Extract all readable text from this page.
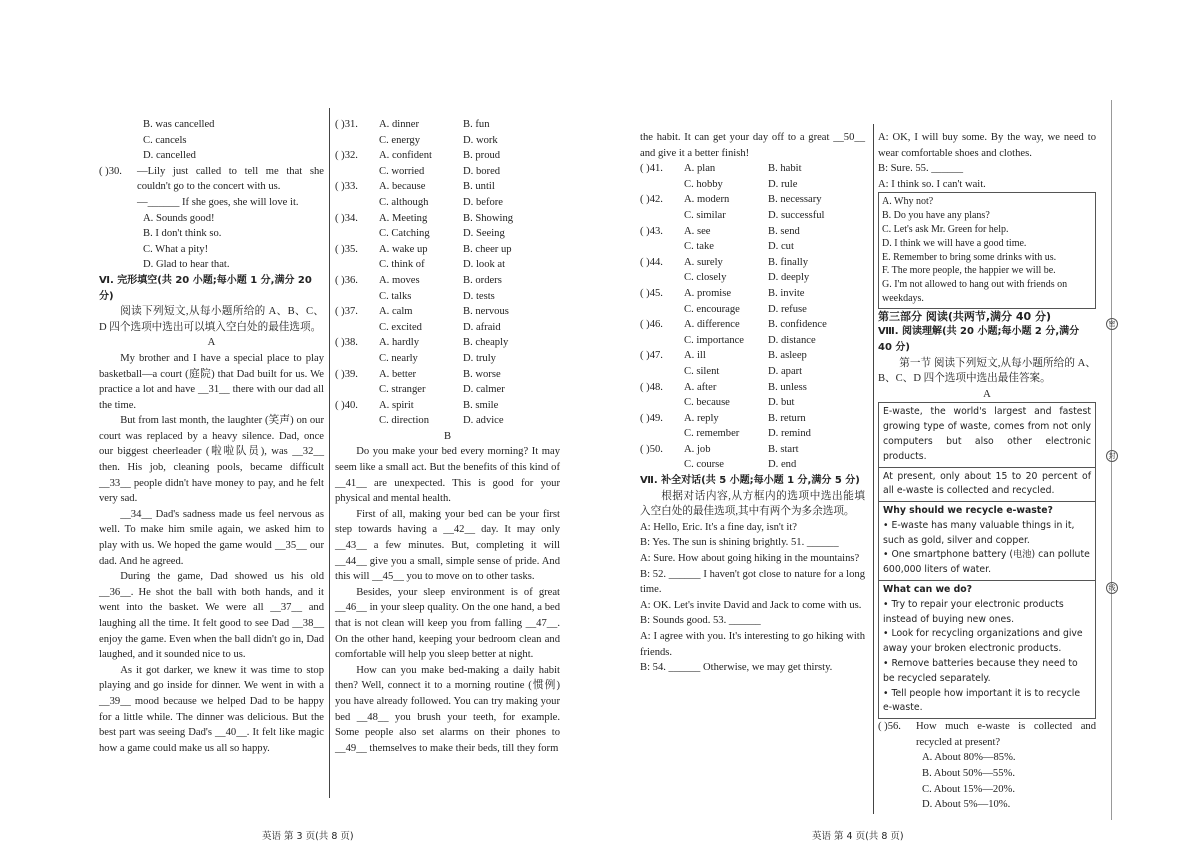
B. was cancelled
C. cancels
D. cancelled
( )30.	—Lily just called to tell me that she couldn't go to the concert with us.
—______ If she goes, she will love it.
A. Sounds good!
B. I don't think so.
C. What a pity!
D. Glad to hear that.
Ⅵ. 完形填空(共 20 小题;每小题 1 分,满分 20 分)
阅读下列短文,从每小题所给的 A、B、C、D 四个选项中选出可以填入空白处的最佳选项。
A
My brother and I have a special place to play basketball—a court (庭院) that Dad built for us. We practice a lot and have __31__ there with our dad all the time.
But from last month, the laughter (笑声) on our court was replaced by a heavy silence. Dad, once our biggest cheerleader (啦啦队员), was __32__ then. His job, cleaning pools, became difficult __33__ people didn't have money to pay, and he felt very sad.
__34__ Dad's sadness made us feel nervous as well. To make him smile again, we asked him to play with us. We hoped the game would __35__ our dad. And he agreed.
During the game, Dad showed us his old __36__. He shot the ball with both hands, and it went into the basket. We were all __37__ and laughing all the time. It felt good to see Dad __38__ enjoy the game. Even when the ball didn't go in, Dad laughed, and it sounded nice to us.
As it got darker, we knew it was time to stop playing and go inside for dinner. We went in with a __39__ mood because we helped Dad to be happy for a little while. The dinner was delicious. But the best part was seeing Dad's __40__. It felt like magic how a game could make us all so happy.
( )31.	A. dinner	B. fun
C. energy	D. work
( )32.	A. confident	B. proud
C. worried	D. bored
( )33.	A. because	B. until
C. although	D. before
( )34.	A. Meeting	B. Showing
C. Catching	D. Seeing
( )35.	A. wake up	B. cheer up
C. think of	D. look at
( )36.	A. moves	B. orders
C. talks	D. tests
( )37.	A. calm	B. nervous
C. excited	D. afraid
( )38.	A. hardly	B. cheaply
C. nearly	D. truly
( )39.	A. better	B. worse
C. stranger	D. calmer
( )40.	A. spirit	B. smile
C. direction	D. advice
B
Do you make your bed every morning? It may seem like a small act. But the benefits of this kind of __41__ are unexpected. This is good for your physical and mental health.
First of all, making your bed can be your first step towards having a __42__ day. It may only __43__ a few minutes. But, completing it will __44__ give you a small, simple sense of pride. And this will __45__ you to move on to other tasks.
Besides, your sleep environment is of great __46__ in your sleep quality. On the one hand, a bed that is not clean will keep you from falling __47__. On the other hand, keeping your bedroom clean and comfortable will help you sleep better at night.
How can you make bed-making a daily habit then? Well, connect it to a morning routine (惯例) you have already followed. You can try making your bed __48__ you brush your teeth, for example. Some people also set alarms on their phones to __49__ themselves to make their beds, till they form
the habit. It can get your day off to a great __50__ and give it a better finish!
( )41.	A. plan	B. habit
C. hobby	D. rule
( )42.	A. modern	B. necessary
C. similar	D. successful
( )43.	A. see	B. send
C. take	D. cut
( )44.	A. surely	B. finally
C. closely	D. deeply
( )45.	A. promise	B. invite
C. encourage	D. refuse
( )46.	A. difference	B. confidence
C. importance	D. distance
( )47.	A. ill	B. asleep
C. silent	D. apart
( )48.	A. after	B. unless
C. because	D. but
( )49.	A. reply	B. return
C. remember	D. remind
( )50.	A. job	B. start
C. course	D. end
Ⅶ. 补全对话(共 5 小题;每小题 1 分,满分 5 分)
根据对话内容,从方框内的选项中选出能填入空白处的最佳选项,其中有两个为多余选项。
A: Hello, Eric. It's a fine day, isn't it?
B: Yes. The sun is shining brightly. 51. ______
A: Sure. How about going hiking in the mountains?
B: 52. ______ I haven't got close to nature for a long time.
A: OK. Let's invite David and Jack to come with us.
B: Sounds good. 53. ______
A: I agree with you. It's interesting to go hiking with friends.
B: 54. ______ Otherwise, we may get thirsty.
A: OK, I will buy some. By the way, we need to wear comfortable shoes and clothes.
B: Sure. 55. ______
A: I think so. I can't wait.
A. Why not?
B. Do you have any plans?
C. Let's ask Mr. Green for help.
D. I think we will have a good time.
E. Remember to bring some drinks with us.
F. The more people, the happier we will be.
G. I'm not allowed to hang out with friends on weekdays.
第三部分 阅读(共两节,满分 40 分)
Ⅷ. 阅读理解(共 20 小题;每小题 2 分,满分 40 分)
第一节 阅读下列短文,从每小题所给的 A、B、C、D 四个选项中选出最佳答案。
A
E-waste, the world's largest and fastest growing type of waste, comes from not only computers but also other electronic products.
At present, only about 15 to 20 percent of all e-waste is collected and recycled.
Why should we recycle e-waste?
• E-waste has many valuable things in it, such as gold, silver and copper.
• One smartphone battery (电池) can pollute 600,000 liters of water.
What can we do?
• Try to repair your electronic products instead of buying new ones.
• Look for recycling organizations and give away your broken electronic products.
• Remove batteries because they need to be recycled separately.
• Tell people how important it is to recycle e-waste.
( )56.	How much e-waste is collected and recycled at present?
A. About 80%—85%.
B. About 50%—55%.
C. About 15%—20%.
D. About 5%—10%.
英语 第 3 页(共 8 页)	英语 第 4 页(共 8 页)
密
封
线
